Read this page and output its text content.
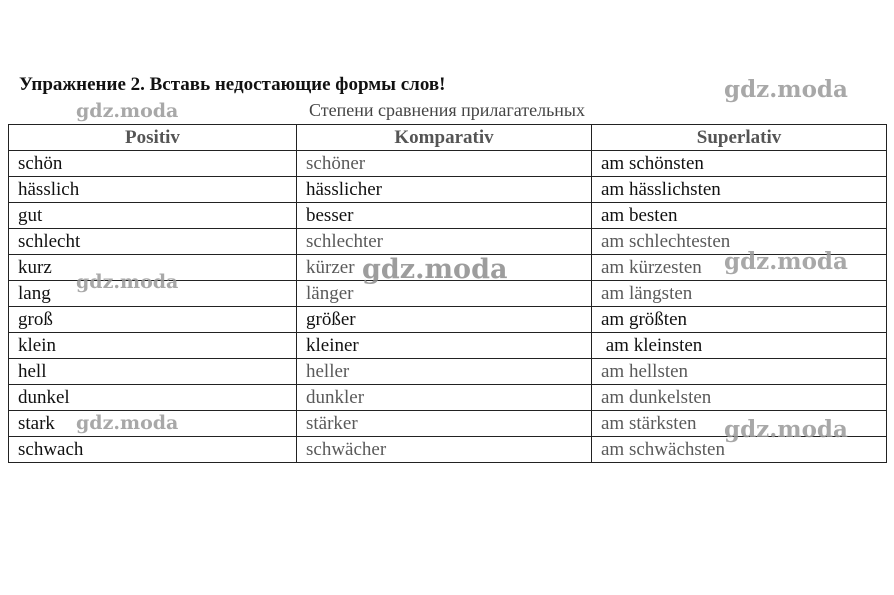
Упражнение 2. Вставь недостающие формы слов!
Степени сравнения прилагательных
Positiv	Komparativ	Superlativ
schön	schöner	am schönsten
hässlich	hässlicher	am hässlichsten
gut	besser	am besten
schlecht	schlechter	am schlechtesten
kurz	kürzer	am kürzesten
lang	länger	am längsten
groß	größer	am größten
klein	kleiner	am kleinsten
hell	heller	am hellsten
dunkel	dunkler	am dunkelsten
stark	stärker	am stärksten
schwach	schwächer	am schwächsten
gdz.moda
gdz.moda
gdz.moda
gdz.moda
gdz.moda
gdz.moda	gdz.moda
